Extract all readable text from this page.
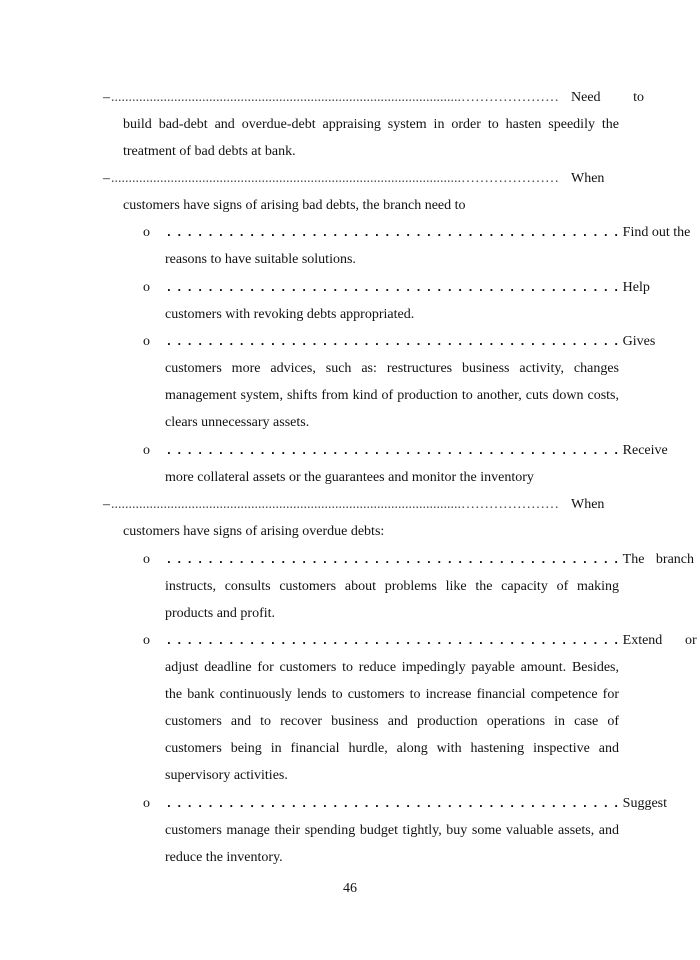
– ....................................................................................................………………… Need to
build bad-debt and overdue-debt appraising system in order to hasten speedily the treatment of bad debts at bank.
– ....................................................................................................………………… When
customers have signs of arising bad debts, the branch need to
o	............................................ Find out the
reasons to have suitable solutions.
o	............................................ Help
customers with revoking debts appropriated.
o	............................................ Gives
customers more advices, such as: restructures business activity, changes management system, shifts from kind of production to another, cuts down costs, clears unnecessary assets.
o	............................................ Receive
more collateral assets or the guarantees and monitor the inventory
– ....................................................................................................………………… When
customers have signs of arising overdue debts:
o	............................................ The branch
instructs, consults customers about problems like the capacity of making products and profit.
o	............................................ Extend or
adjust deadline for customers to reduce impedingly payable amount. Besides, the bank continuously lends to customers to increase financial competence for customers and to recover business and production operations in case of customers being in financial hurdle, along with hastening inspective and supervisory activities.
o	............................................ Suggest
customers manage their spending budget tightly, buy some valuable assets, and reduce the inventory.
46
